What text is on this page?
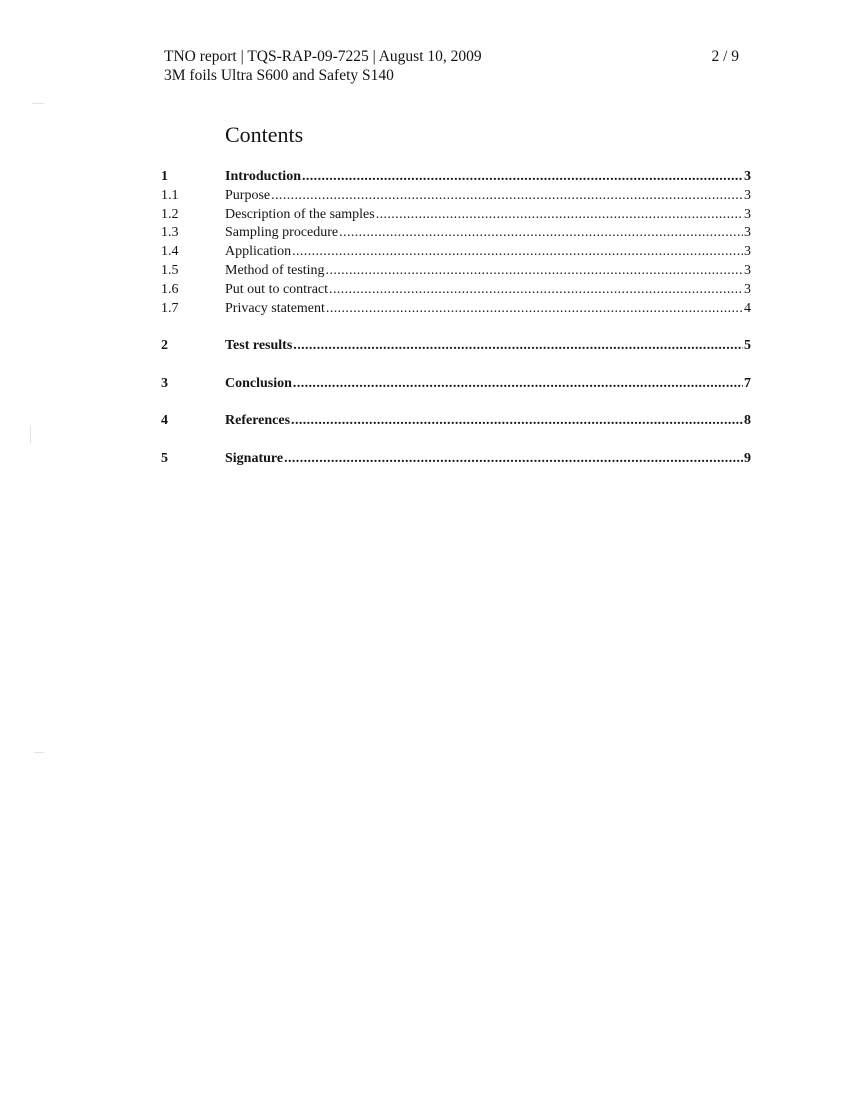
TNO report | TQS-RAP-09-7225 | August 10, 2009
3M foils Ultra S600 and Safety S140
2 / 9
Contents
1	Introduction .....	3
1.1	Purpose .....	3
1.2	Description of the samples .....	3
1.3	Sampling procedure .....	3
1.4	Application .....	3
1.5	Method of testing .....	3
1.6	Put out to contract .....	3
1.7	Privacy statement .....	4
2	Test results .....	5
3	Conclusion .....	7
4	References .....	8
5	Signature .....	9
